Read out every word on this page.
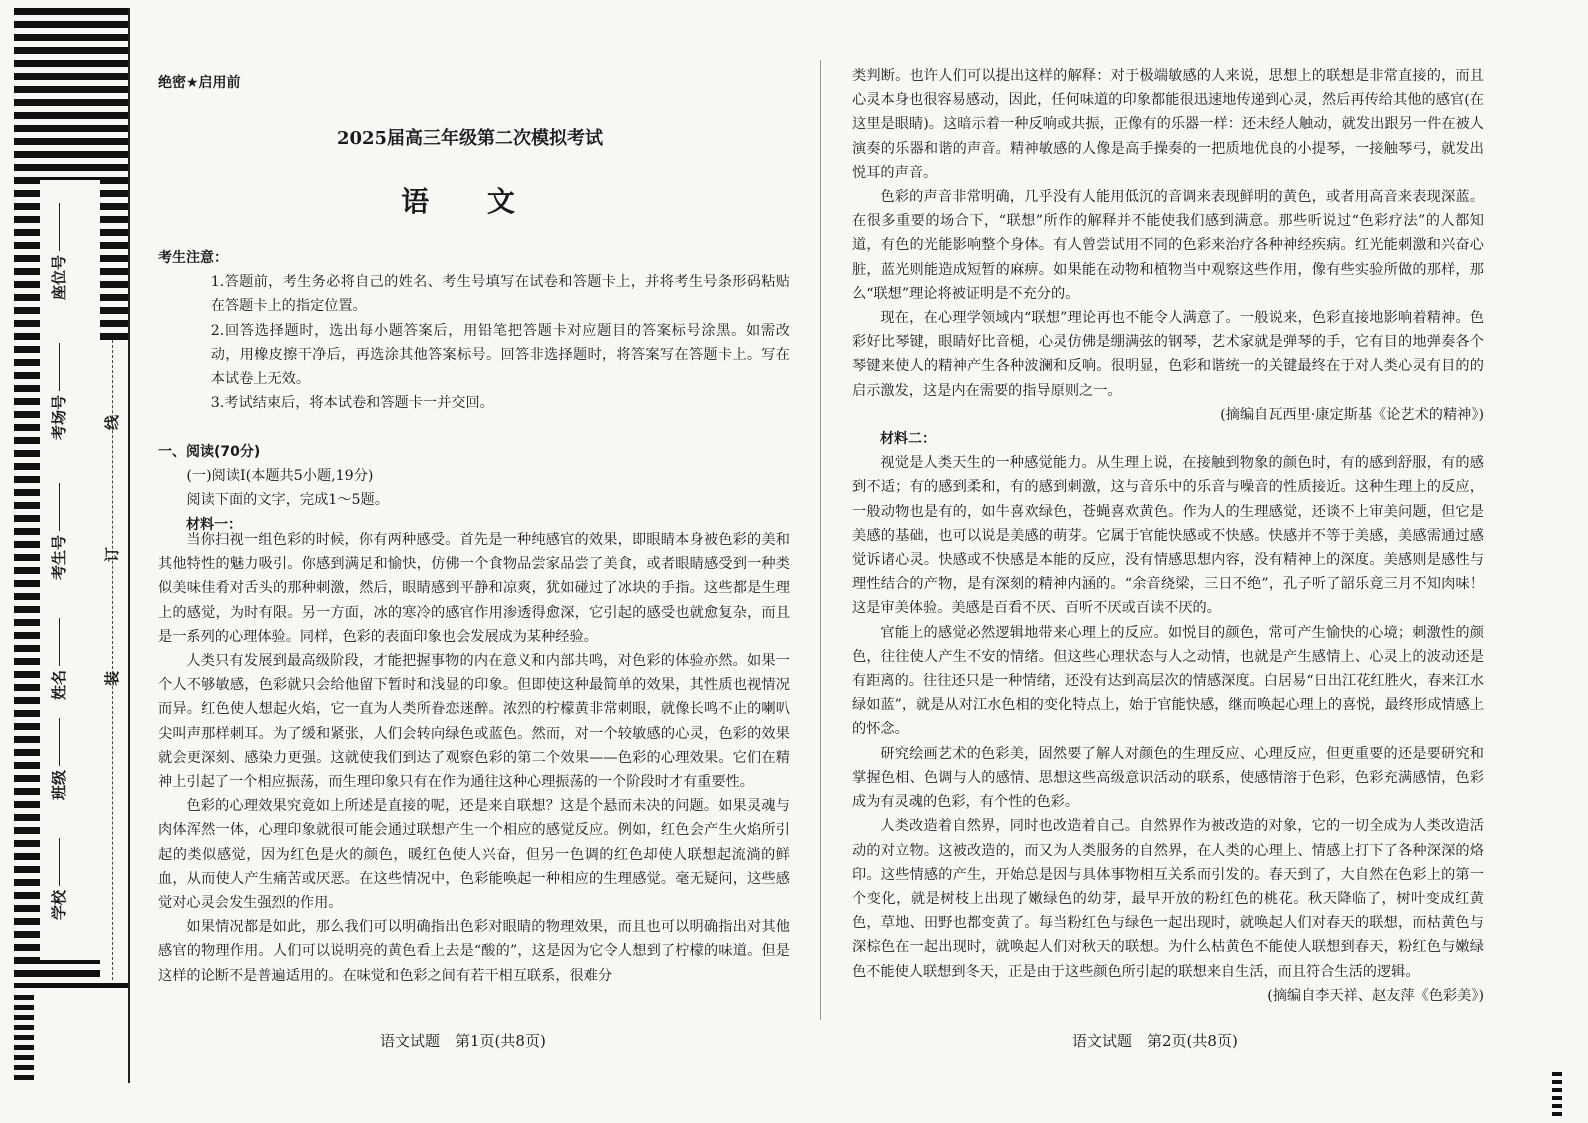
座位号
考场号
考生号
姓名
班级
学校
线
订
装
绝密★启用前
2025届高三年级第二次模拟考试
语 文

考生注意：

1.答题前，考生务必将自己的姓名、考生号填写在试卷和答题卡上，并将考生号条形码粘贴在答题卡上的指定位置。

2.回答选择题时，选出每小题答案后，用铅笔把答题卡对应题目的答案标号涂黑。如需改动，用橡皮擦干净后，再选涂其他答案标号。回答非选择题时，将答案写在答题卡上。写在本试卷上无效。

3.考试结束后，将本试卷和答题卡一并交回。

一、阅读(70分)

(一)阅读Ⅰ(本题共5小题,19分)

阅读下面的文字，完成1～5题。

材料一：

当你扫视一组色彩的时候，你有两种感受。首先是一种纯感官的效果，即眼睛本身被色彩的美和其他特性的魅力吸引。你感到满足和愉快，仿佛一个食物品尝家品尝了美食，或者眼睛感受到一种类似美味佳肴对舌头的那种刺激，然后，眼睛感到平静和凉爽，犹如碰过了冰块的手指。这些都是生理上的感觉，为时有限。另一方面，冰的寒冷的感官作用渗透得愈深，它引起的感受也就愈复杂，而且是一系列的心理体验。同样，色彩的表面印象也会发展成为某种经验。

人类只有发展到最高级阶段，才能把握事物的内在意义和内部共鸣，对色彩的体验亦然。如果一个人不够敏感，色彩就只会给他留下暂时和浅显的印象。但即使这种最简单的效果，其性质也视情况而异。红色使人想起火焰，它一直为人类所眷恋迷醉。浓烈的柠檬黄非常刺眼，就像长鸣不止的喇叭尖叫声那样刺耳。为了缓和紧张，人们会转向绿色或蓝色。然而，对一个较敏感的心灵，色彩的效果就会更深刻、感染力更强。这就使我们到达了观察色彩的第二个效果——色彩的心理效果。它们在精神上引起了一个相应振荡，而生理印象只有在作为通往这种心理振荡的一个阶段时才有重要性。

色彩的心理效果究竟如上所述是直接的呢，还是来自联想？这是个悬而未决的问题。如果灵魂与肉体浑然一体，心理印象就很可能会通过联想产生一个相应的感觉反应。例如，红色会产生火焰所引起的类似感觉，因为红色是火的颜色，暖红色使人兴奋，但另一色调的红色却使人联想起流淌的鲜血，从而使人产生痛苦或厌恶。在这些情况中，色彩能唤起一种相应的生理感觉。毫无疑问，这些感觉对心灵会发生强烈的作用。

如果情况都是如此，那么我们可以明确指出色彩对眼睛的物理效果，而且也可以明确指出对其他感官的物理作用。人们可以说明亮的黄色看上去是“酸的”，这是因为它令人想到了柠檬的味道。但是这样的论断不是普遍适用的。在味觉和色彩之间有若干相互联系，很难分

语文试题　第1页(共8页)

类判断。也许人们可以提出这样的解释：对于极端敏感的人来说，思想上的联想是非常直接的，而且心灵本身也很容易感动，因此，任何味道的印象都能很迅速地传递到心灵，然后再传给其他的感官(在这里是眼睛)。这暗示着一种反响或共振，正像有的乐器一样：还未经人触动，就发出跟另一件在被人演奏的乐器和谐的声音。精神敏感的人像是高手操奏的一把质地优良的小提琴，一接触琴弓，就发出悦耳的声音。

色彩的声音非常明确，几乎没有人能用低沉的音调来表现鲜明的黄色，或者用高音来表现深蓝。在很多重要的场合下，“联想”所作的解释并不能使我们感到满意。那些听说过“色彩疗法”的人都知道，有色的光能影响整个身体。有人曾尝试用不同的色彩来治疗各种神经疾病。红光能刺激和兴奋心脏，蓝光则能造成短暂的麻痹。如果能在动物和植物当中观察这些作用，像有些实验所做的那样，那么“联想”理论将被证明是不充分的。

现在，在心理学领域内“联想”理论再也不能令人满意了。一般说来，色彩直接地影响着精神。色彩好比琴键，眼睛好比音槌，心灵仿佛是绷满弦的钢琴，艺术家就是弹琴的手，它有目的地弹奏各个琴键来使人的精神产生各种波澜和反响。很明显，色彩和谐统一的关键最终在于对人类心灵有目的的启示激发，这是内在需要的指导原则之一。

(摘编自瓦西里·康定斯基《论艺术的精神》)

材料二：

视觉是人类天生的一种感觉能力。从生理上说，在接触到物象的颜色时，有的感到舒服，有的感到不适；有的感到柔和，有的感到刺激，这与音乐中的乐音与噪音的性质接近。这种生理上的反应，一般动物也是有的，如牛喜欢绿色，苍蝇喜欢黄色。作为人的生理感觉，还谈不上审美问题，但它是美感的基础，也可以说是美感的萌芽。它属于官能快感或不快感。快感并不等于美感，美感需通过感觉诉诸心灵。快感或不快感是本能的反应，没有情感思想内容，没有精神上的深度。美感则是感性与理性结合的产物，是有深刻的精神内涵的。“余音绕梁，三日不绝”，孔子听了韶乐竟三月不知肉味！这是审美体验。美感是百看不厌、百听不厌或百读不厌的。

官能上的感觉必然逻辑地带来心理上的反应。如悦目的颜色，常可产生愉快的心境；刺激性的颜色，往往使人产生不安的情绪。但这些心理状态与人之动情，也就是产生感情上、心灵上的波动还是有距离的。往往还只是一种情绪，还没有达到高层次的情感深度。白居易“日出江花红胜火，春来江水绿如蓝”，就是从对江水色相的变化特点上，始于官能快感，继而唤起心理上的喜悦，最终形成情感上的怀念。

研究绘画艺术的色彩美，固然要了解人对颜色的生理反应、心理反应，但更重要的还是要研究和掌握色相、色调与人的感情、思想这些高级意识活动的联系，使感情溶于色彩，色彩充满感情，色彩成为有灵魂的色彩，有个性的色彩。

人类改造着自然界，同时也改造着自己。自然界作为被改造的对象，它的一切全成为人类改造活动的对立物。这被改造的，而又为人类服务的自然界，在人类的心理上、情感上打下了各种深深的烙印。这些情感的产生，开始总是因与具体事物相互关系而引发的。春天到了，大自然在色彩上的第一个变化，就是树枝上出现了嫩绿色的幼芽，最早开放的粉红色的桃花。秋天降临了，树叶变成红黄色，草地、田野也都变黄了。每当粉红色与绿色一起出现时，就唤起人们对春天的联想，而枯黄色与深棕色在一起出现时，就唤起人们对秋天的联想。为什么枯黄色不能使人联想到春天，粉红色与嫩绿色不能使人联想到冬天，正是由于这些颜色所引起的联想来自生活，而且符合生活的逻辑。

(摘编自李天祥、赵友萍《色彩美》)

语文试题　第2页(共8页)
